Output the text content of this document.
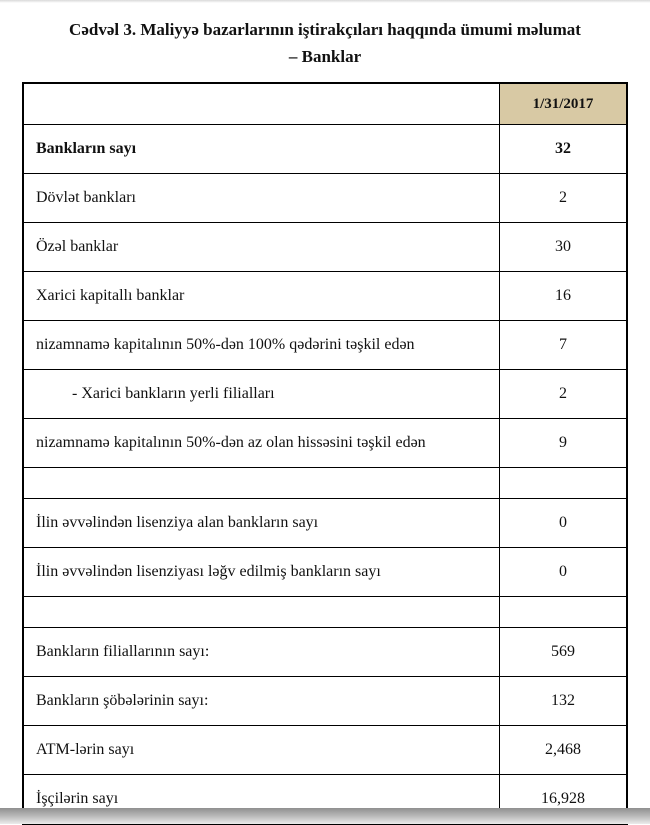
Cədvəl 3. Maliyyə bazarlarının iştirakçıları haqqında ümumi məlumat
– Banklar
	1/31/2017
Bankların sayı	32
Dövlət bankları	2
Özəl banklar	30
Xarici kapitallı banklar	16
nizamnamə kapitalının 50%-dən 100% qədərini təşkil edən	7
- Xarici bankların yerli filialları	2
nizamnamə kapitalının 50%-dən az olan hissəsini təşkil edən	9

İlin əvvəlindən lisenziya alan bankların sayı	0
İlin əvvəlindən lisenziyası ləğv edilmiş bankların sayı	0

Bankların filiallarının sayı:	569
Bankların şöbələrinin sayı:	132
ATM-lərin sayı	2,468
İşçilərin sayı	16,928
